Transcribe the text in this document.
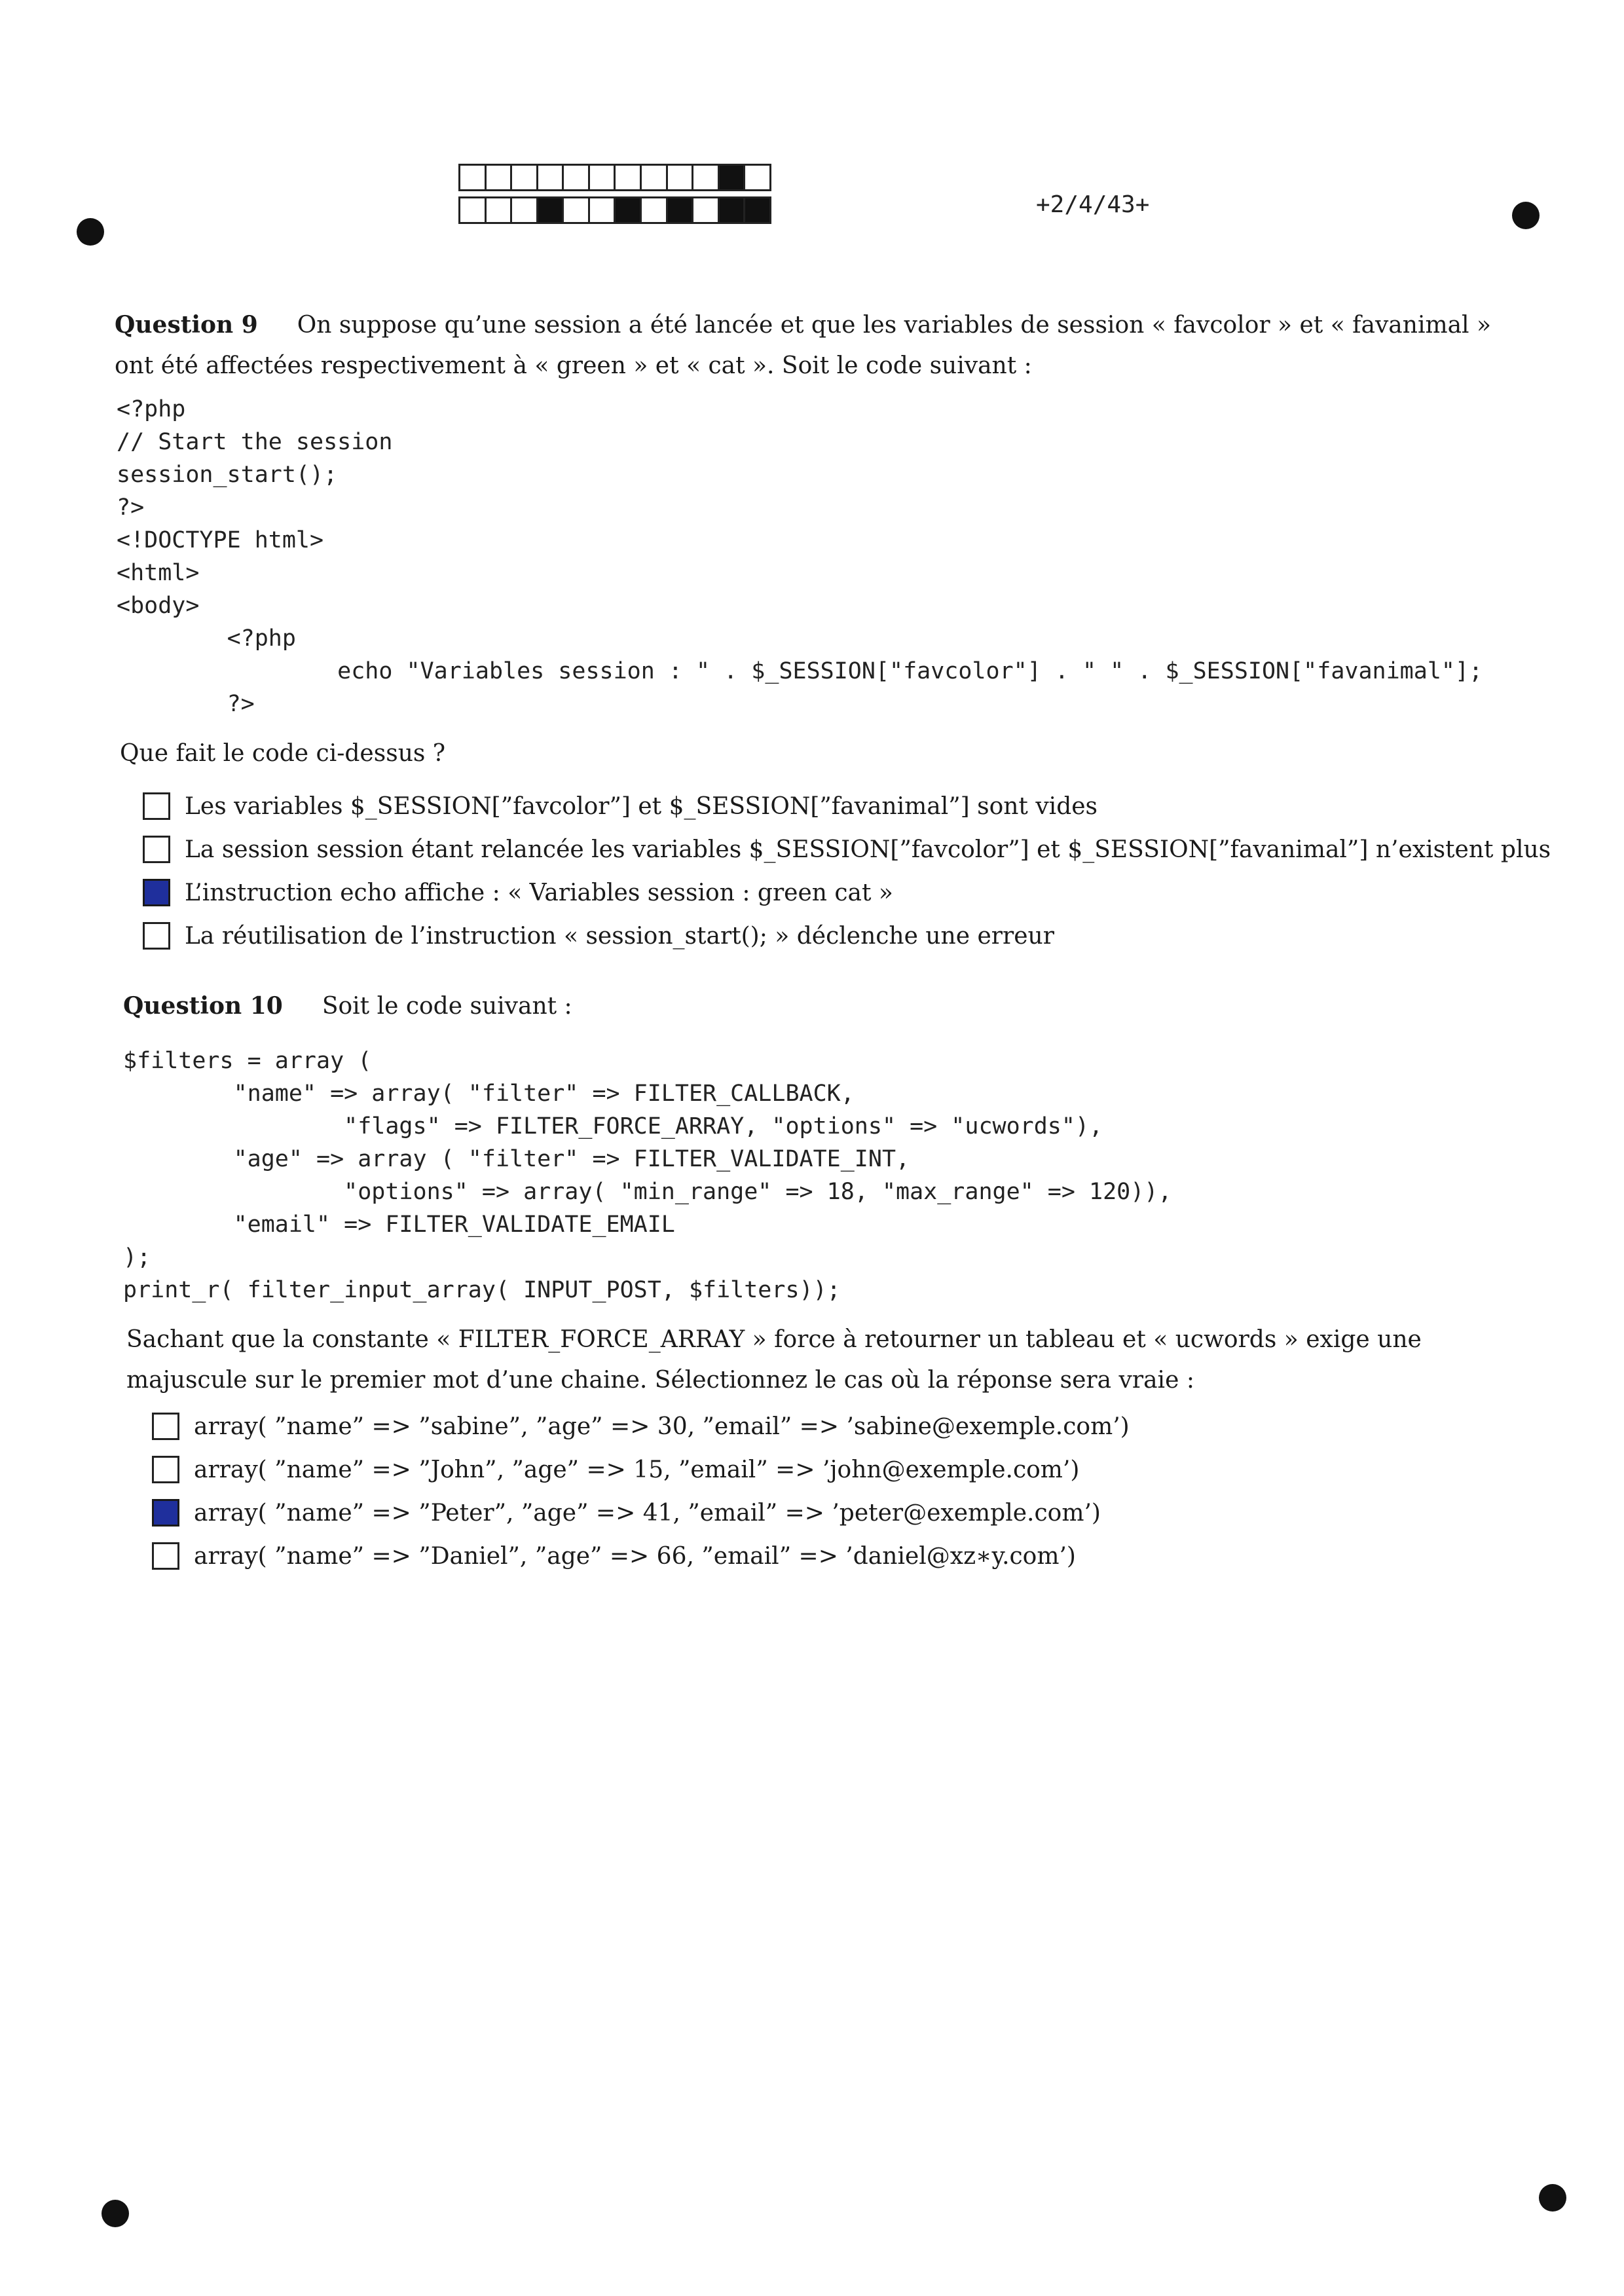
+2/4/43+
Question 9 On suppose qu’une session a été lancée et que les variables de session « favcolor » et « favanimal » ont été affectées respectivement à « green » et « cat ». Soit le code suivant :
<?php
// Start the session
session_start();
?>
<!DOCTYPE html>
<html>
<body>
<?php
echo "Variables session : " . $_SESSION["favcolor"] . " " . $_SESSION["favanimal"];
?>
Que fait le code ci-dessus ?
Les variables $_SESSION[”favcolor”] et $_SESSION[”favanimal”] sont vides
La session session étant relancée les variables $_SESSION[”favcolor”] et $_SESSION[”favanimal”] n’existent plus
L’instruction echo affiche : « Variables session : green cat »
La réutilisation de l’instruction « session_start(); » déclenche une erreur
Question 10 Soit le code suivant :
$filters = array (
"name" => array( "filter" => FILTER_CALLBACK,
"flags" => FILTER_FORCE_ARRAY, "options" => "ucwords"),
"age" => array ( "filter" => FILTER_VALIDATE_INT,
"options" => array( "min_range" => 18, "max_range" => 120)),
"email" => FILTER_VALIDATE_EMAIL
);
print_r( filter_input_array( INPUT_POST, $filters));
Sachant que la constante « FILTER_FORCE_ARRAY » force à retourner un tableau et « ucwords » exige une majuscule sur le premier mot d’une chaine. Sélectionnez le cas où la réponse sera vraie :
array( ”name” => ”sabine”, ”age” => 30, ”email” => ’sabine@exemple.com’)
array( ”name” => ”John”, ”age” => 15, ”email” => ’john@exemple.com’)
array( ”name” => ”Peter”, ”age” => 41, ”email” => ’peter@exemple.com’)
array( ”name” => ”Daniel”, ”age” => 66, ”email” => ’daniel@xz∗y.com’)
